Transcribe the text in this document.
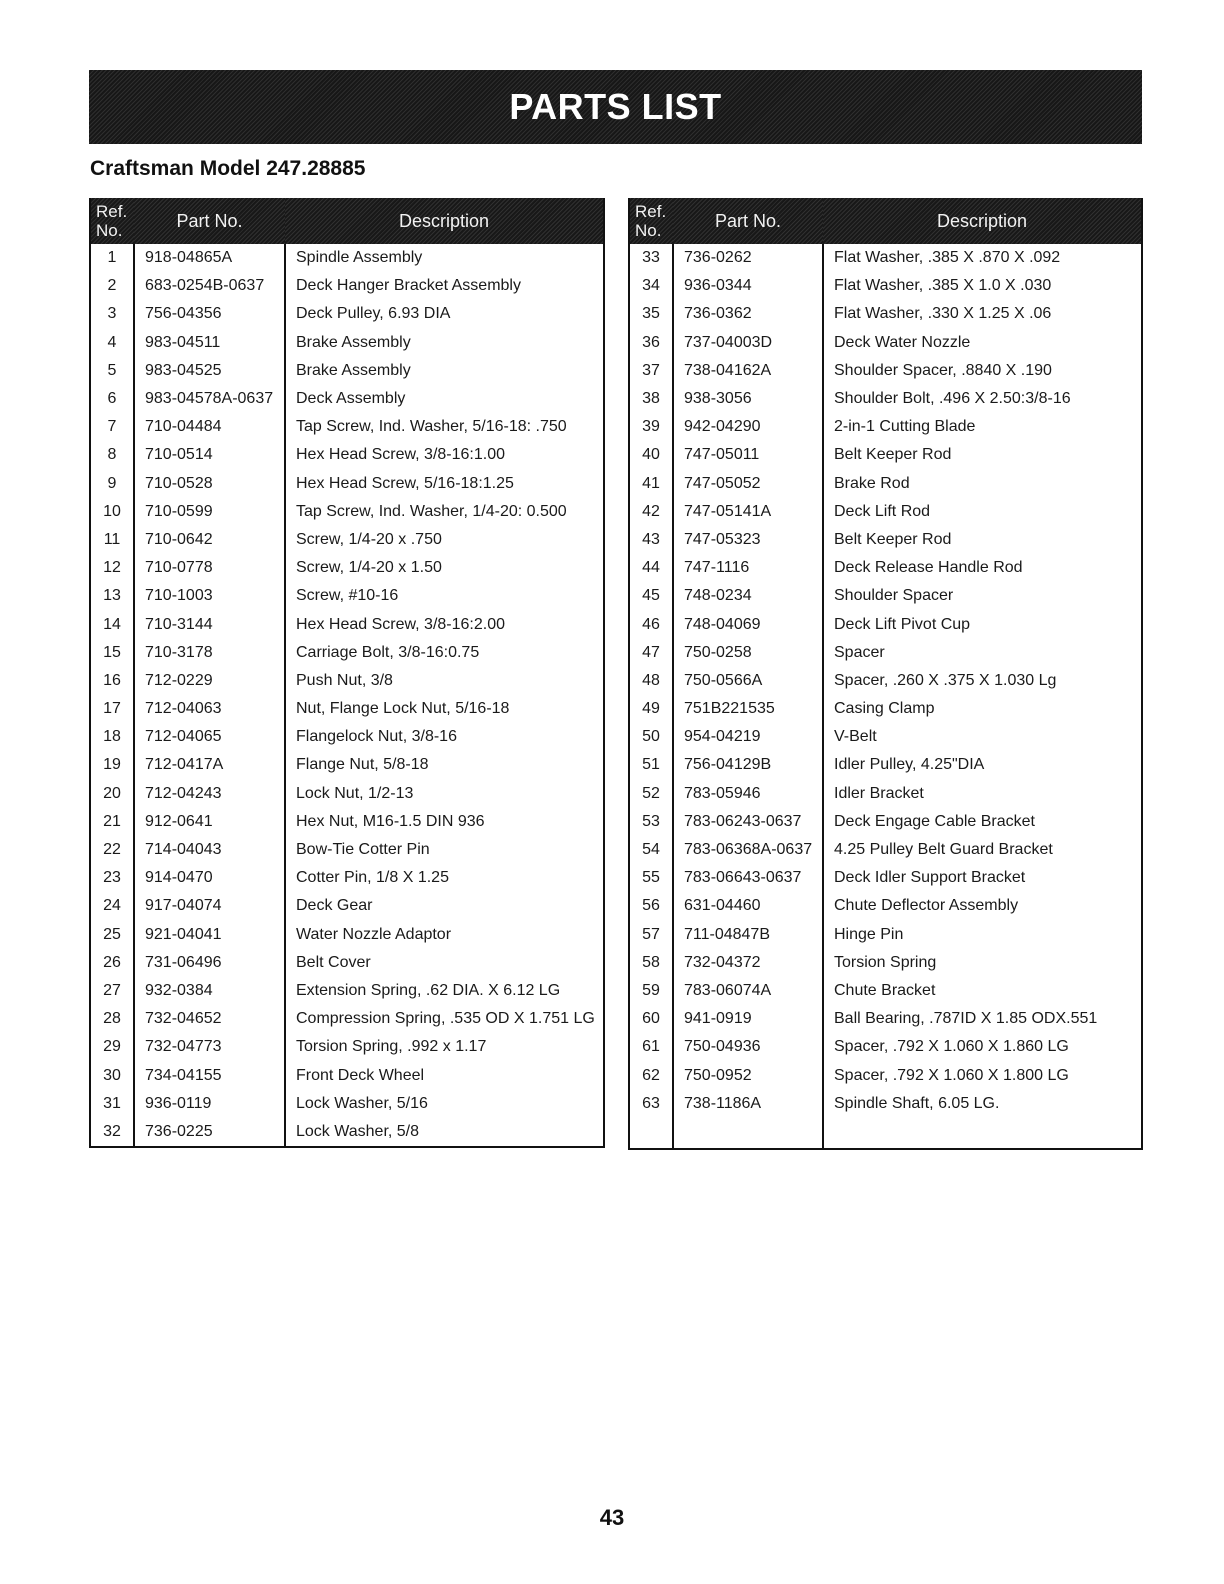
PARTS LIST
Craftsman Model 247.28885
Ref.
No.	Part No.	Description
1	918-04865A	Spindle Assembly
2	683-0254B-0637	Deck Hanger Bracket Assembly
3	756-04356	Deck Pulley, 6.93 DIA
4	983-04511	Brake Assembly
5	983-04525	Brake Assembly
6	983-04578A-0637	Deck Assembly
7	710-04484	Tap Screw, Ind. Washer, 5/16-18: .750
8	710-0514	Hex Head Screw, 3/8-16:1.00
9	710-0528	Hex Head Screw, 5/16-18:1.25
10	710-0599	Tap Screw, Ind. Washer, 1/4-20: 0.500
11	710-0642	Screw, 1/4-20 x .750
12	710-0778	Screw, 1/4-20 x 1.50
13	710-1003	Screw, #10-16
14	710-3144	Hex Head Screw, 3/8-16:2.00
15	710-3178	Carriage Bolt, 3/8-16:0.75
16	712-0229	Push Nut, 3/8
17	712-04063	Nut, Flange Lock Nut, 5/16-18
18	712-04065	Flangelock Nut, 3/8-16
19	712-0417A	Flange Nut, 5/8-18
20	712-04243	Lock Nut, 1/2-13
21	912-0641	Hex Nut, M16-1.5 DIN 936
22	714-04043	Bow-Tie Cotter Pin
23	914-0470	Cotter Pin, 1/8 X 1.25
24	917-04074	Deck Gear
25	921-04041	Water Nozzle Adaptor
26	731-06496	Belt Cover
27	932-0384	Extension Spring, .62 DIA. X 6.12 LG
28	732-04652	Compression Spring, .535 OD X 1.751 LG
29	732-04773	Torsion Spring, .992 x 1.17
30	734-04155	Front Deck Wheel
31	936-0119	Lock Washer, 5/16
32	736-0225	Lock Washer, 5/8
Ref.
No.	Part No.	Description
33	736-0262	Flat Washer, .385 X .870 X .092
34	936-0344	Flat Washer, .385 X 1.0 X .030
35	736-0362	Flat Washer, .330 X 1.25 X .06
36	737-04003D	Deck Water Nozzle
37	738-04162A	Shoulder Spacer, .8840 X .190
38	938-3056	Shoulder Bolt, .496 X 2.50:3/8-16
39	942-04290	2-in-1 Cutting Blade
40	747-05011	Belt Keeper Rod
41	747-05052	Brake Rod
42	747-05141A	Deck Lift Rod
43	747-05323	Belt Keeper Rod
44	747-1116	Deck Release Handle Rod
45	748-0234	Shoulder Spacer
46	748-04069	Deck Lift Pivot Cup
47	750-0258	Spacer
48	750-0566A	Spacer, .260 X .375 X 1.030 Lg
49	751B221535	Casing Clamp
50	954-04219	V-Belt
51	756-04129B	Idler Pulley, 4.25"DIA
52	783-05946	Idler Bracket
53	783-06243-0637	Deck Engage Cable Bracket
54	783-06368A-0637	4.25 Pulley Belt Guard Bracket
55	783-06643-0637	Deck Idler Support Bracket
56	631-04460	Chute Deflector Assembly
57	711-04847B	Hinge Pin
58	732-04372	Torsion Spring
59	783-06074A	Chute Bracket
60	941-0919	Ball Bearing, .787ID X 1.85 ODX.551
61	750-04936	Spacer, .792 X 1.060 X 1.860 LG
62	750-0952	Spacer, .792 X 1.060 X 1.800 LG
63	738-1186A	Spindle Shaft, 6.05 LG.

43
